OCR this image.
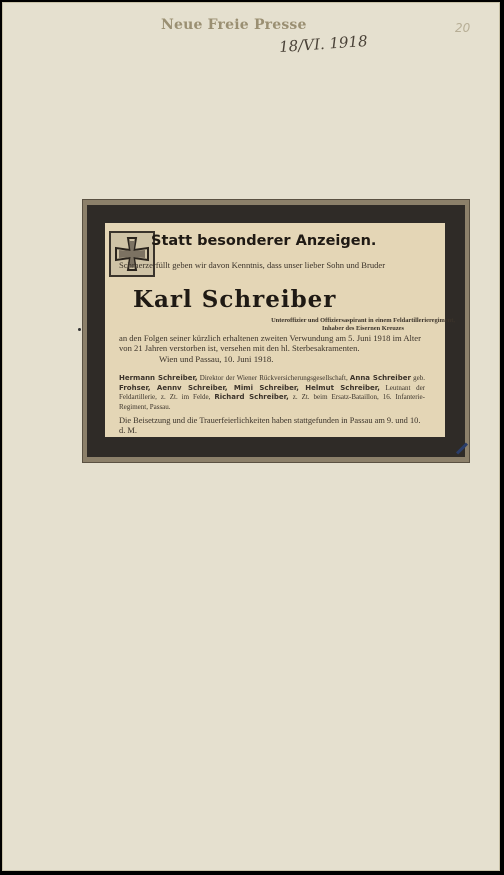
Neue Freie Presse
18/VI. 1918
20
Statt besonderer Anzeigen.
Schmerzerfüllt geben wir davon Kenntnis, dass unser lieber Sohn und Bruder
Karl Schreiber
Unteroffizier und Offiziersaspirant in einem Feldartillerieregiment,
Inhaber des Eisernen Kreuzes
an den Folgen seiner kürzlich erhaltenen zweiten Verwundung am 5. Juni 1918 im Alter von 21 Jahren verstorben ist, versehen mit den hl. Sterbesakramenten.
Wien und Passau, 10. Juni 1918.
Hermann Schreiber, Direktor der Wiener Rückversicherungsgesellschaft, Anna Schreiber geb. Frohser, Aennv Schreiber, Mimi Schreiber, Helmut Schreiber, Leutnant der Feldartillerie, z. Zt. im Felde, Richard Schreiber, z. Zt. beim Ersatz-Bataillon, 16. Infanterie-Regiment, Passau.
Die Beisetzung und die Trauerfeierlichkeiten haben stattgefunden in Passau am 9. und 10. d. M.
